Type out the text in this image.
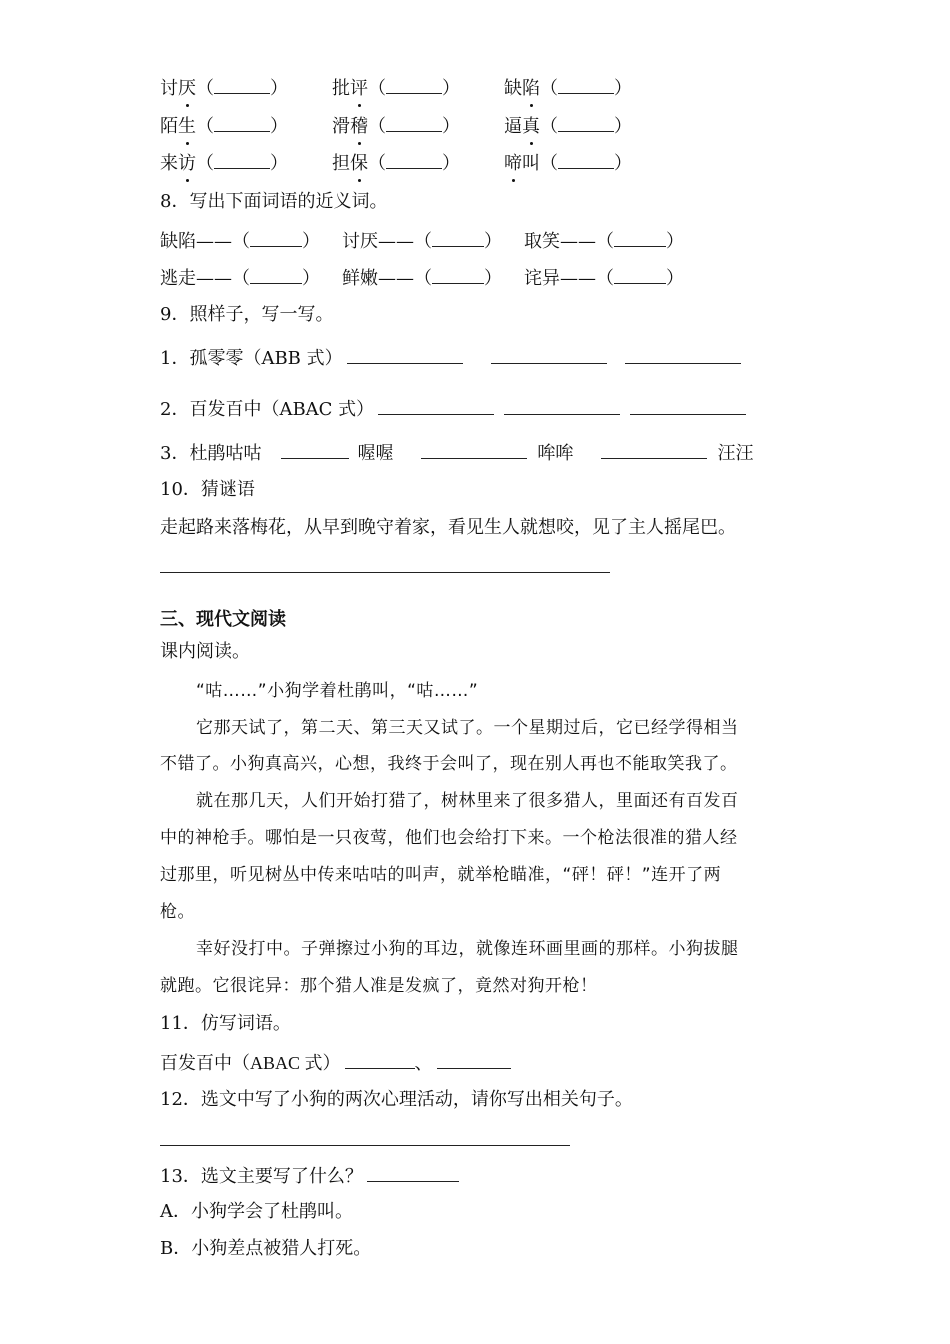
讨厌（	） 批评（	） 缺陷（	）
陌生（	） 滑稽（	） 逼真（	）
来访（	） 担保（	） 啼叫（	）
8．写出下面词语的近义词。
缺陷——（	） 讨厌——（	） 取笑——（	）
逃走——（	） 鲜嫩——（	） 诧异——（	）
9．照样子，写一写。
1．孤零零（ABB 式）
2．百发百中（ABAC 式）
3．杜鹃咕咕	喔喔	哞哞	汪汪
10．猜谜语
走起路来落梅花，从早到晚守着家，看见生人就想咬，见了主人摇尾巴。
三、现代文阅读
课内阅读。
“咕……”小狗学着杜鹃叫，“咕……”
它那天试了，第二天、第三天又试了。一个星期过后，它已经学得相当
不错了。小狗真高兴，心想，我终于会叫了，现在别人再也不能取笑我了。
就在那几天，人们开始打猎了，树林里来了很多猎人，里面还有百发百
中的神枪手。哪怕是一只夜莺，他们也会给打下来。一个枪法很准的猎人经
过那里，听见树丛中传来咕咕的叫声，就举枪瞄准，“砰！砰！”连开了两
枪。
幸好没打中。子弹擦过小狗的耳边，就像连环画里画的那样。小狗拔腿
就跑。它很诧异：那个猎人准是发疯了，竟然对狗开枪！
11．仿写词语。
百发百中（ABAC 式）	、
12．选文中写了小狗的两次心理活动，请你写出相关句子。
13．选文主要写了什么？
A．小狗学会了杜鹃叫。
B．小狗差点被猎人打死。
